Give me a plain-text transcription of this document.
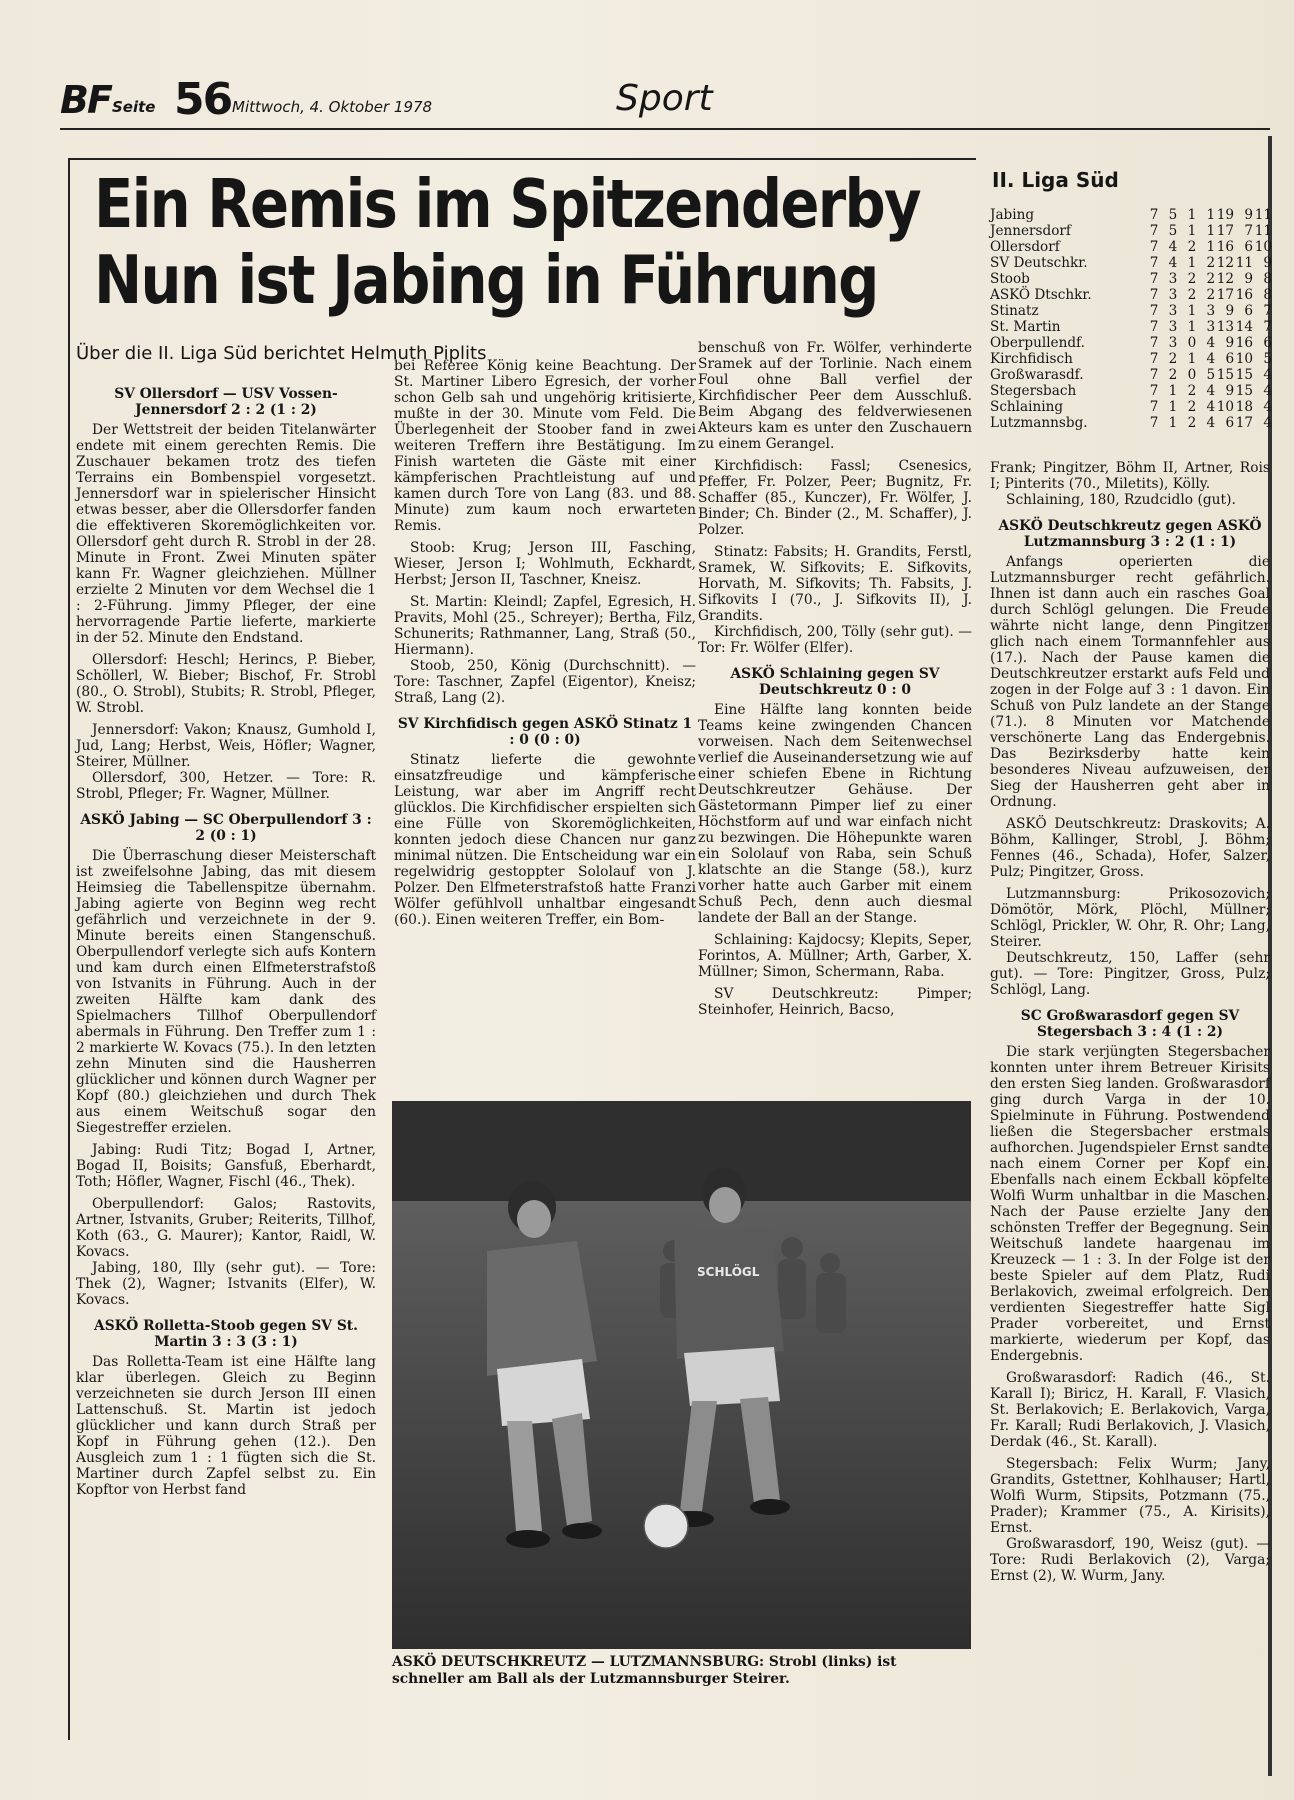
BF Seite 56 Mittwoch, 4. Oktober 1978	Sport
Ein Remis im Spitzenderby
Nun ist Jabing in Führung
Über die II. Liga Süd berichtet Helmuth Piplits

SV Ollersdorf — USV Vossen-Jennersdorf 2 : 2 (1 : 2)

Der Wettstreit der beiden Titelanwärter endete mit einem gerechten Remis. Die Zuschauer bekamen trotz des tiefen Terrains ein Bombenspiel vorgesetzt. Jennersdorf war in spielerischer Hinsicht etwas besser, aber die Ollersdorfer fanden die effektiveren Skoremöglichkeiten vor. Ollersdorf geht durch R. Strobl in der 28. Minute in Front. Zwei Minuten später kann Fr. Wagner gleichziehen. Müllner erzielte 2 Minuten vor dem Wechsel die 1 : 2-Führung. Jimmy Pfleger, der eine hervorragende Partie lieferte, markierte in der 52. Minute den Endstand.

Ollersdorf: Heschl; Herincs, P. Bieber, Schöllerl, W. Bieber; Bischof, Fr. Strobl (80., O. Strobl), Stubits; R. Strobl, Pfleger, W. Strobl.

Jennersdorf: Vakon; Knausz, Gumhold I, Jud, Lang; Herbst, Weis, Höfler; Wagner, Steirer, Müllner.

Ollersdorf, 300, Hetzer. — Tore: R. Strobl, Pfleger; Fr. Wagner, Müllner.

ASKÖ Jabing — SC Oberpullendorf 3 : 2 (0 : 1)

Die Überraschung dieser Meisterschaft ist zweifelsohne Jabing, das mit diesem Heimsieg die Tabellenspitze übernahm. Jabing agierte von Beginn weg recht gefährlich und verzeichnete in der 9. Minute bereits einen Stangenschuß. Oberpullendorf verlegte sich aufs Kontern und kam durch einen Elfmeterstrafstoß von Istvanits in Führung. Auch in der zweiten Hälfte kam dank des Spielmachers Tillhof Oberpullendorf abermals in Führung. Den Treffer zum 1 : 2 markierte W. Kovacs (75.). In den letzten zehn Minuten sind die Hausherren glücklicher und können durch Wagner per Kopf (80.) gleichziehen und durch Thek aus einem Weitschuß sogar den Siegestreffer erzielen.

Jabing: Rudi Titz; Bogad I, Artner, Bogad II, Boisits; Gansfuß, Eberhardt, Toth; Höfler, Wagner, Fischl (46., Thek).

Oberpullendorf: Galos; Rastovits, Artner, Istvanits, Gruber; Reiterits, Tillhof, Koth (63., G. Maurer); Kantor, Raidl, W. Kovacs.

Jabing, 180, Illy (sehr gut). — Tore: Thek (2), Wagner; Istvanits (Elfer), W. Kovacs.

ASKÖ Rolletta-Stoob gegen SV St. Martin 3 : 3 (3 : 1)

Das Rolletta-Team ist eine Hälfte lang klar überlegen. Gleich zu Beginn verzeichneten sie durch Jerson III einen Lattenschuß. St. Martin ist jedoch glücklicher und kann durch Straß per Kopf in Führung gehen (12.). Den Ausgleich zum 1 : 1 fügten sich die St. Martiner durch Zapfel selbst zu. Ein Kopftor von Herbst fand

bei Referee König keine Beachtung. Der St. Martiner Libero Egresich, der vorher schon Gelb sah und ungehörig kritisierte, mußte in der 30. Minute vom Feld. Die Überlegenheit der Stoober fand in zwei weiteren Treffern ihre Bestätigung. Im Finish warteten die Gäste mit einer kämpferischen Prachtleistung auf und kamen durch Tore von Lang (83. und 88. Minute) zum kaum noch erwarteten Remis.

Stoob: Krug; Jerson III, Fasching, Wieser, Jerson I; Wohlmuth, Eckhardt, Herbst; Jerson II, Taschner, Kneisz.

St. Martin: Kleindl; Zapfel, Egresich, H. Pravits, Mohl (25., Schreyer); Bertha, Filz, Schunerits; Rathmanner, Lang, Straß (50., Hiermann).

Stoob, 250, König (Durchschnitt). — Tore: Taschner, Zapfel (Eigentor), Kneisz; Straß, Lang (2).

SV Kirchfidisch gegen ASKÖ Stinatz 1 : 0 (0 : 0)

Stinatz lieferte die gewohnte einsatzfreudige und kämpferische Leistung, war aber im Angriff recht glücklos. Die Kirchfidischer erspielten sich eine Fülle von Skoremöglichkeiten, konnten jedoch diese Chancen nur ganz minimal nützen. Die Entscheidung war ein regelwidrig gestoppter Sololauf von J. Polzer. Den Elfmeterstrafstoß hatte Franzi Wölfer gefühlvoll unhaltbar eingesandt (60.). Einen weiteren Treffer, ein Bom-

benschuß von Fr. Wölfer, verhinderte Sramek auf der Torlinie. Nach einem Foul ohne Ball verfiel der Kirchfidischer Peer dem Ausschluß. Beim Abgang des feldverwiesenen Akteurs kam es unter den Zuschauern zu einem Gerangel.

Kirchfidisch: Fassl; Csenesics, Pfeffer, Fr. Polzer, Peer; Bugnitz, Fr. Schaffer (85., Kunczer), Fr. Wölfer, J. Binder; Ch. Binder (2., M. Schaffer), J. Polzer.

Stinatz: Fabsits; H. Grandits, Ferstl, Sramek, W. Sifkovits; E. Sifkovits, Horvath, M. Sifkovits; Th. Fabsits, J. Sifkovits I (70., J. Sifkovits II), J. Grandits.

Kirchfidisch, 200, Tölly (sehr gut). — Tor: Fr. Wölfer (Elfer).

ASKÖ Schlaining gegen SV Deutschkreutz 0 : 0

Eine Hälfte lang konnten beide Teams keine zwingenden Chancen vorweisen. Nach dem Seitenwechsel verlief die Auseinandersetzung wie auf einer schiefen Ebene in Richtung Deutschkreutzer Gehäuse. Der Gästetormann Pimper lief zu einer Höchstform auf und war einfach nicht zu bezwingen. Die Höhepunkte waren ein Sololauf von Raba, sein Schuß klatschte an die Stange (58.), kurz vorher hatte auch Garber mit einem Schuß Pech, denn auch diesmal landete der Ball an der Stange.

Schlaining: Kajdocsy; Klepits, Seper, Forintos, A. Müllner; Arth, Garber, X. Müllner; Simon, Schermann, Raba.

SV Deutschkreutz: Pimper; Steinhofer, Heinrich, Bacso,

II. Liga Süd
Jabing	7	5	1	1	19	9	11
Jennersdorf	7	5	1	1	17	7	11
Ollersdorf	7	4	2	1	16	6	10
SV Deutschkr.	7	4	1	2	12	11	9
Stoob	7	3	2	2	12	9	8
ASKÖ Dtschkr.	7	3	2	2	17	16	8
Stinatz	7	3	1	3	9	6	7
St. Martin	7	3	1	3	13	14	7
Oberpullendf.	7	3	0	4	9	16	6
Kirchfidisch	7	2	1	4	6	10	5
Großwarasdf.	7	2	0	5	15	15	4
Stegersbach	7	1	2	4	9	15	4
Schlaining	7	1	2	4	10	18	4
Lutzmannsbg.	7	1	2	4	6	17	4

Frank; Pingitzer, Böhm II, Artner, Rois I; Pinterits (70., Miletits), Kölly.

Schlaining, 180, Rzudcidlo (gut).

ASKÖ Deutschkreutz gegen ASKÖ Lutzmannsburg 3 : 2 (1 : 1)

Anfangs operierten die Lutzmannsburger recht gefährlich. Ihnen ist dann auch ein rasches Goal durch Schlögl gelungen. Die Freude währte nicht lange, denn Pingitzer glich nach einem Tormannfehler aus (17.). Nach der Pause kamen die Deutschkreutzer erstarkt aufs Feld und zogen in der Folge auf 3 : 1 davon. Ein Schuß von Pulz landete an der Stange (71.). 8 Minuten vor Matchende verschönerte Lang das Endergebnis. Das Bezirksderby hatte kein besonderes Niveau aufzuweisen, der Sieg der Hausherren geht aber in Ordnung.

ASKÖ Deutschkreutz: Draskovits; A. Böhm, Kallinger, Strobl, J. Böhm; Fennes (46., Schada), Hofer, Salzer, Pulz; Pingitzer, Gross.

Lutzmannsburg: Prikosozovich; Dömötör, Mörk, Plöchl, Müllner; Schlögl, Prickler, W. Ohr, R. Ohr; Lang, Steirer.

Deutschkreutz, 150, Laffer (sehr gut). — Tore: Pingitzer, Gross, Pulz; Schlögl, Lang.

SC Großwarasdorf gegen SV Stegersbach 3 : 4 (1 : 2)

Die stark verjüngten Stegersbacher konnten unter ihrem Betreuer Kirisits den ersten Sieg landen. Großwarasdorf ging durch Varga in der 10. Spielminute in Führung. Postwendend ließen die Stegersbacher erstmals aufhorchen. Jugendspieler Ernst sandte nach einem Corner per Kopf ein. Ebenfalls nach einem Eckball köpfelte Wolfi Wurm unhaltbar in die Maschen. Nach der Pause erzielte Jany den schönsten Treffer der Begegnung. Sein Weitschuß landete haargenau im Kreuzeck — 1 : 3. In der Folge ist der beste Spieler auf dem Platz, Rudi Berlakovich, zweimal erfolgreich. Den verdienten Siegestreffer hatte Sigl Prader vorbereitet, und Ernst markierte, wiederum per Kopf, das Endergebnis.

Großwarasdorf: Radich (46., St. Karall I); Biricz, H. Karall, F. Vlasich, St. Berlakovich; E. Berlakovich, Varga, Fr. Karall; Rudi Berlakovich, J. Vlasich, Derdak (46., St. Karall).

Stegersbach: Felix Wurm; Jany, Grandits, Gstettner, Kohlhauser; Hartl, Wolfi Wurm, Stipsits, Potzmann (75., Prader); Krammer (75., A. Kirisits), Ernst.

Großwarasdorf, 190, Weisz (gut). — Tore: Rudi Berlakovich (2), Varga; Ernst (2), W. Wurm, Jany.

SCHLÖGL
ASKÖ DEUTSCHKREUTZ — LUTZMANNSBURG: Strobl (links) ist schneller am Ball als der Lutzmannsburger Steirer.
